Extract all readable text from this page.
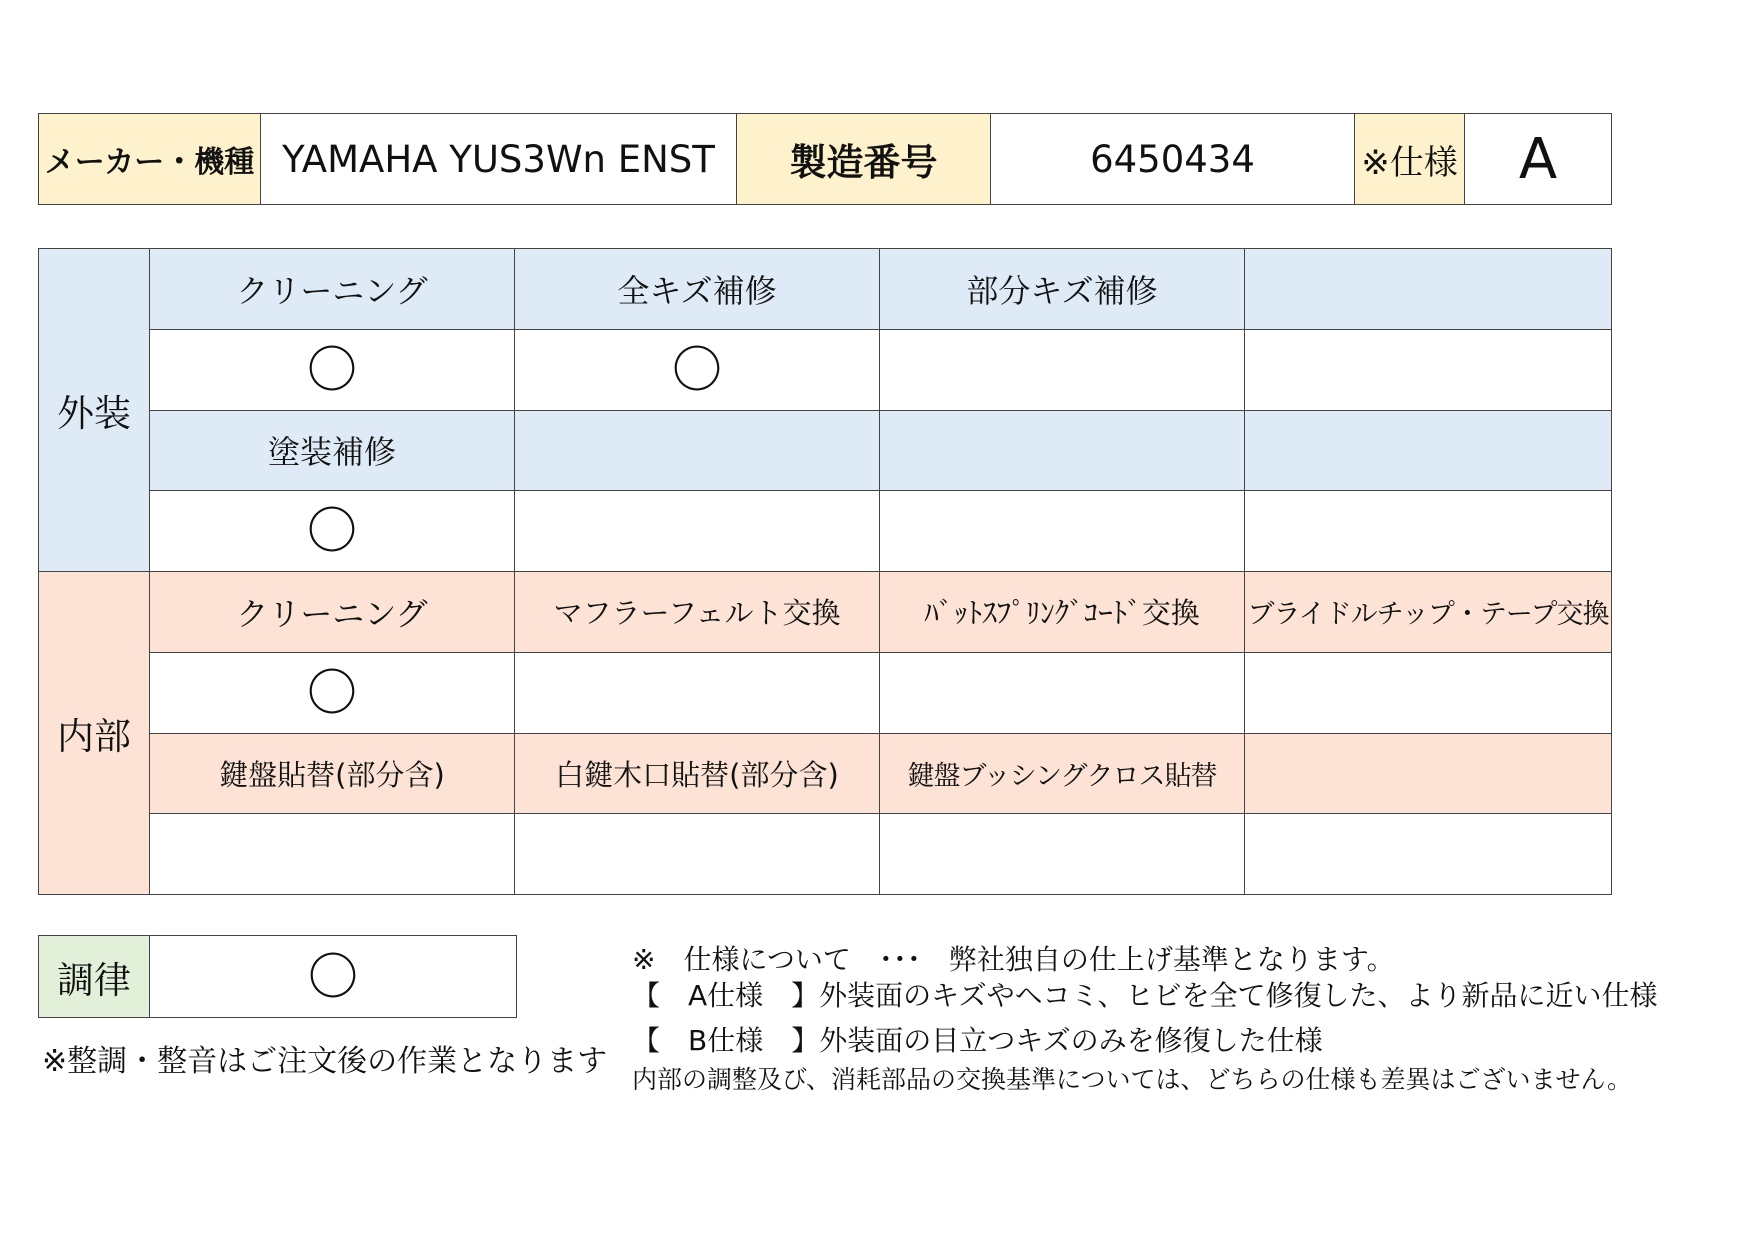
メーカー・機種	YAMAHA YUS3Wn ENST	製造番号	6450434	※仕様	A
外装	クリーニング	全キズ補修	部分キズ補修	
	〇	〇		
	塗装補修			
	〇			
内部	クリーニング	マフラーフェルト交換	ﾊﾞｯﾄｽﾌﾟﾘﾝｸﾞｺｰﾄﾞ交換	ブライドルチップ・テープ交換
	〇			
	鍵盤貼替(部分含)	白鍵木口貼替(部分含)	鍵盤ブッシングクロス貼替	

調律	〇
※整調・整音はご注文後の作業となります
※　仕様について　･･･　弊社独自の仕上げ基準となります。
【　A仕様　】外装面のキズやヘコミ、ヒビを全て修復した、より新品に近い仕様
【　B仕様　】外装面の目立つキズのみを修復した仕様
内部の調整及び、消耗部品の交換基準については、どちらの仕様も差異はございません。
